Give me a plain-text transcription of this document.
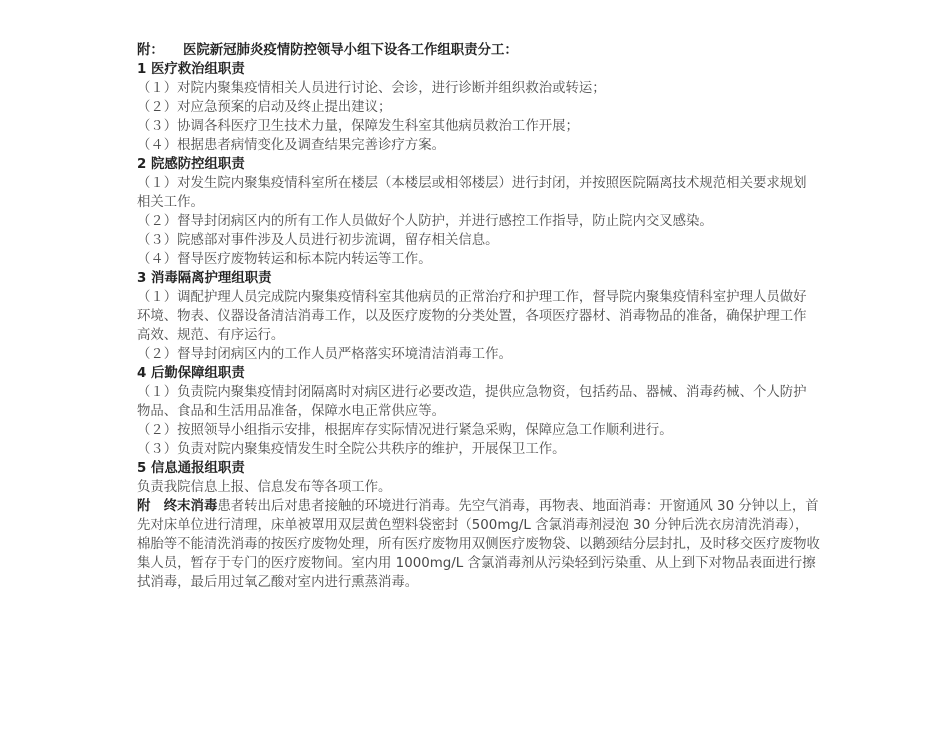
附： 医院新冠肺炎疫情防控领导小组下设各工作组职责分工：

1 医疗救治组职责

（１）对院内聚集疫情相关人员进行讨论、会诊，进行诊断并组织救治或转运；

（２）对应急预案的启动及终止提出建议；

（３）协调各科医疗卫生技术力量，保障发生科室其他病员救治工作开展；

（４）根据患者病情变化及调查结果完善诊疗方案。

2 院感防控组职责

（１）对发生院内聚集疫情科室所在楼层（本楼层或相邻楼层）进行封闭，并按照医院隔离技术规范相关要求规划相关工作。

（２）督导封闭病区内的所有工作人员做好个人防护，并进行感控工作指导，防止院内交叉感染。

（３）院感部对事件涉及人员进行初步流调，留存相关信息。

（４）督导医疗废物转运和标本院内转运等工作。

3 消毒隔离护理组职责

（１）调配护理人员完成院内聚集疫情科室其他病员的正常治疗和护理工作，督导院内聚集疫情科室护理人员做好环境、物表、仪器设备清洁消毒工作，以及医疗废物的分类处置，各项医疗器材、消毒物品的准备，确保护理工作高效、规范、有序运行。

（２）督导封闭病区内的工作人员严格落实环境清洁消毒工作。

4 后勤保障组职责

（１）负责院内聚集疫情封闭隔离时对病区进行必要改造，提供应急物资，包括药品、器械、消毒药械、个人防护物品、食品和生活用品准备，保障水电正常供应等。

（２）按照领导小组指示安排，根据库存实际情况进行紧急采购，保障应急工作顺利进行。

（３）负责对院内聚集疫情发生时全院公共秩序的维护，开展保卫工作。

5 信息通报组职责

负责我院信息上报、信息发布等各项工作。

附　终末消毒患者转出后对患者接触的环境进行消毒。先空气消毒，再物表、地面消毒：开窗通风 30 分钟以上，首先对床单位进行清理，床单被罩用双层黄色塑料袋密封（500mg/L 含氯消毒剂浸泡 30 分钟后洗衣房清洗消毒），棉胎等不能清洗消毒的按医疗废物处理，所有医疗废物用双侧医疗废物袋、以鹅颈结分层封扎，及时移交医疗废物收集人员，暂存于专门的医疗废物间。室内用 1000mg/L 含氯消毒剂从污染轻到污染重、从上到下对物品表面进行擦拭消毒，最后用过氧乙酸对室内进行熏蒸消毒。
